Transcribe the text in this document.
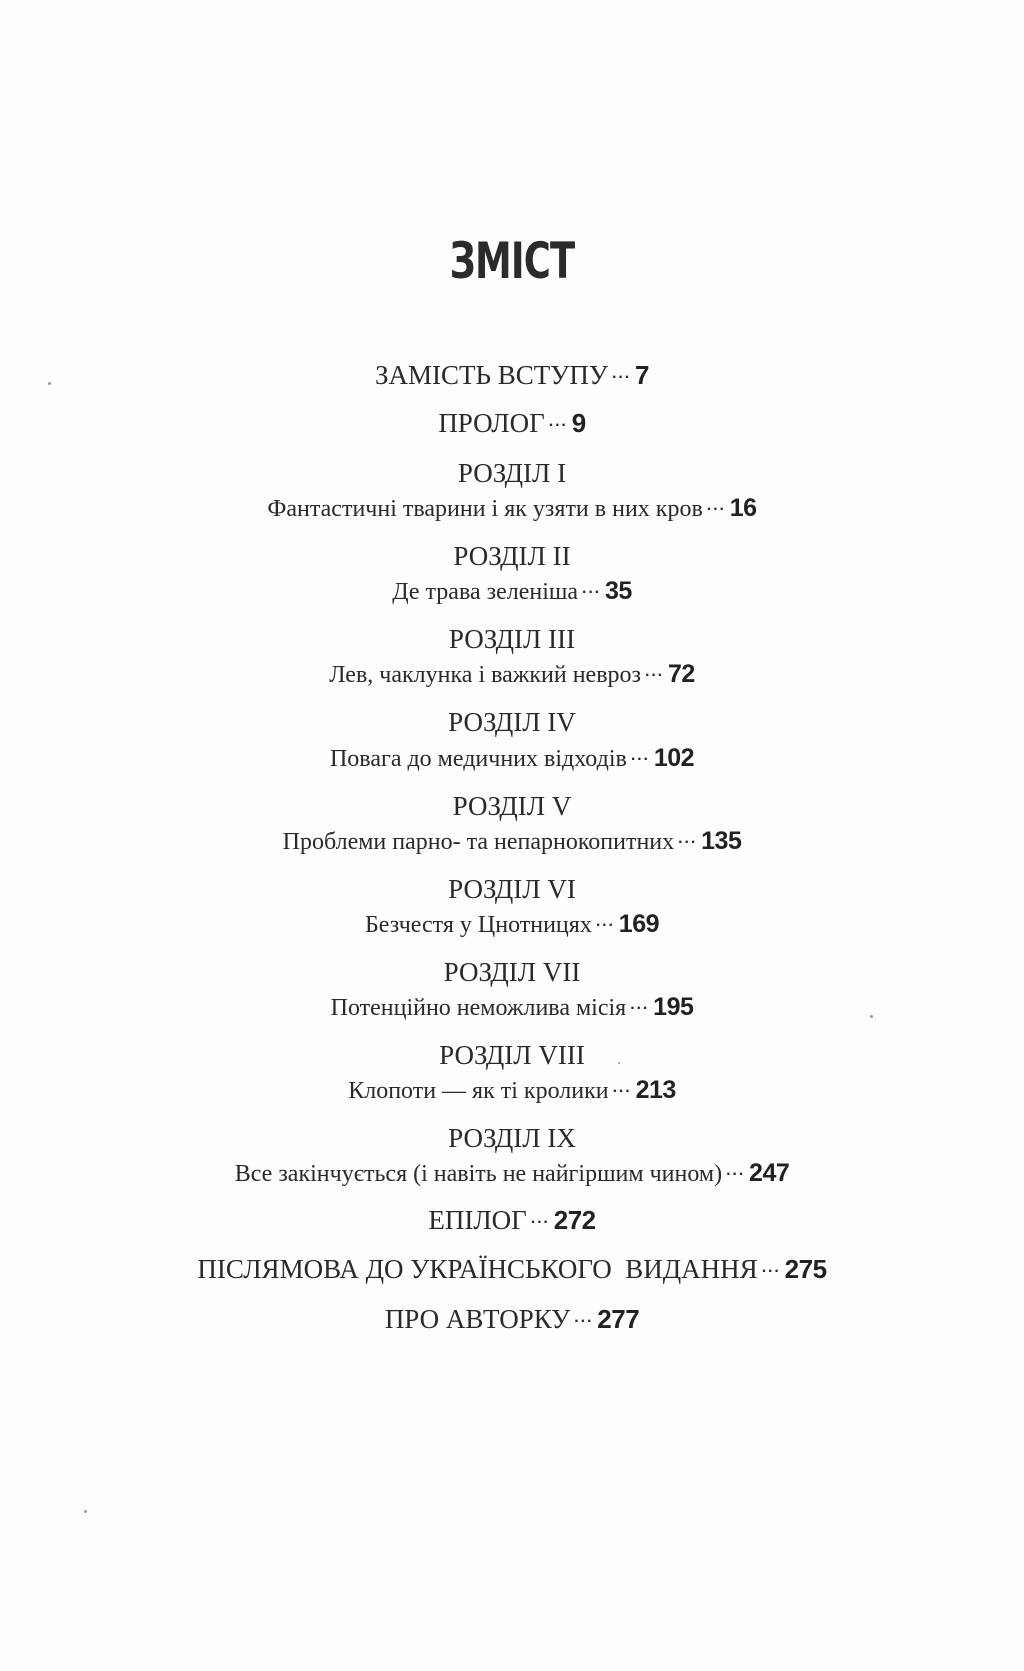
ЗМІСТ
ЗАМІСТЬ ВСТУПУ ··· 7
ПРОЛОГ ··· 9
РОЗДІЛ I
Фантастичні тварини і як узяти в них кров ··· 16
РОЗДІЛ II
Де трава зеленіша ··· 35
РОЗДІЛ III
Лев, чаклунка і важкий невроз ··· 72
РОЗДІЛ IV
Повага до медичних відходів ··· 102
РОЗДІЛ V
Проблеми парно- та непарнокопитних ··· 135
РОЗДІЛ VI
Безчестя у Цнотницях ··· 169
РОЗДІЛ VII
Потенційно неможлива місія ··· 195
РОЗДІЛ VIII
Клопоти — як ті кролики ··· 213
РОЗДІЛ IX
Все закінчується (і навіть не найгіршим чином) ··· 247
ЕПІЛОГ ··· 272
ПІСЛЯМОВА ДО УКРАЇНСЬКОГО  ВИДАННЯ ··· 275
ПРО АВТОРКУ ··· 277
